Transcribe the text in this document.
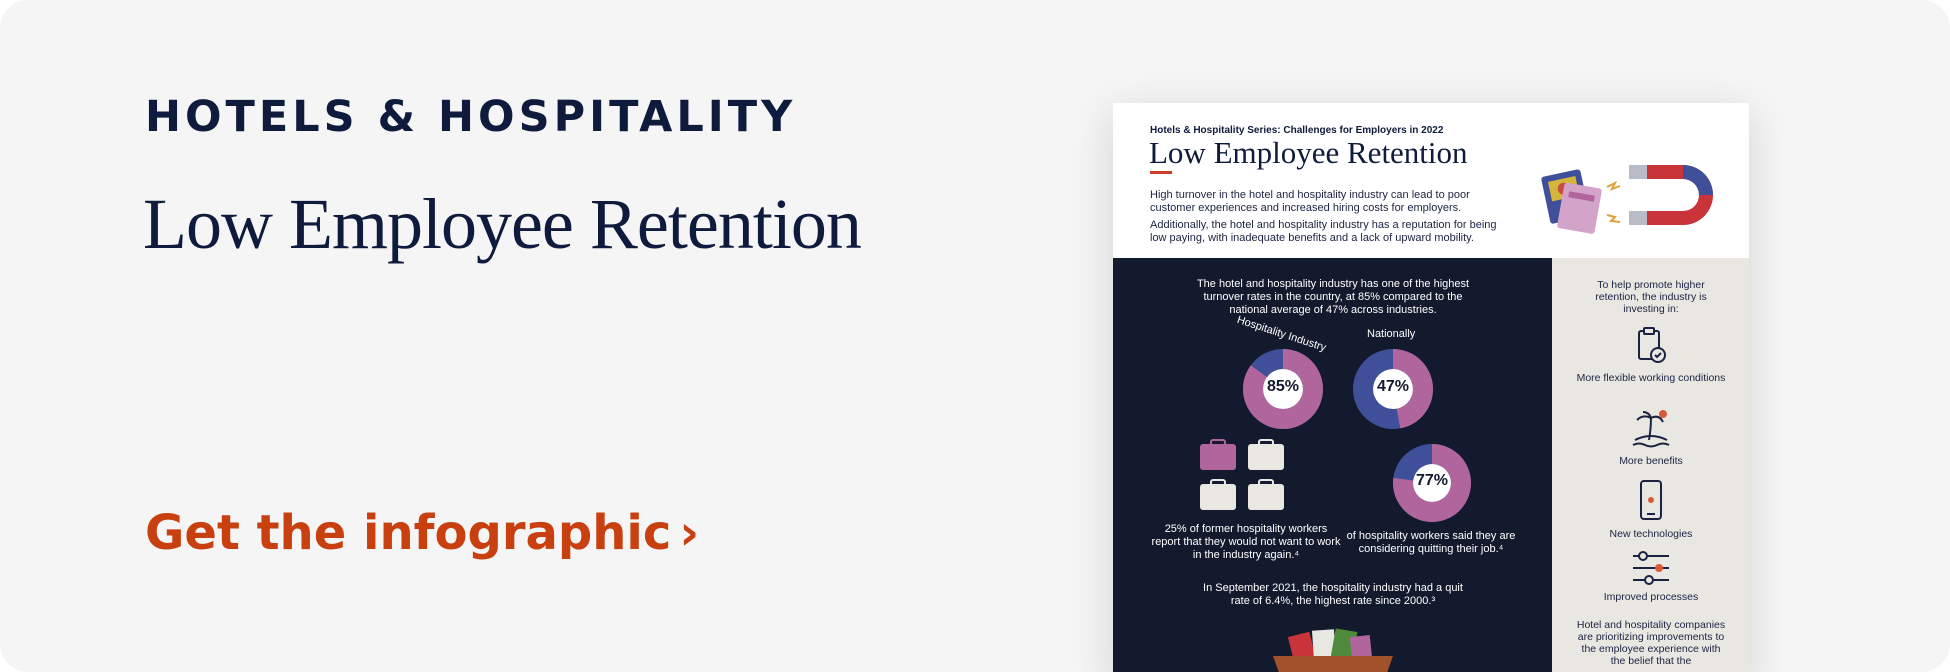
HOTELS & HOSPITALITY
Low Employee Retention
Get the infographic ›
Hotels & Hospitality Series: Challenges for Employers in 2022
Low Employee Retention
High turnover in the hotel and hospitality industry can lead to poor customer experiences and increased hiring costs for employers.
Additionally, the hotel and hospitality industry has a reputation for being low paying, with inadequate benefits and a lack of upward mobility.
The hotel and hospitality industry has one of the highest turnover rates in the country, at 85% compared to the national average of 47% across industries.
Hospitality Industry
85%
Nationally
47%
77%
25% of former hospitality workers report that they would not want to work in the industry again.⁴
of hospitality workers said they are considering quitting their job.⁴
In September 2021, the hospitality industry had a quit rate of 6.4%, the highest rate since 2000.³
To help promote higher retention, the industry is investing in:
More flexible working conditions
More benefits
New technologies
Improved processes
Hotel and hospitality companies are prioritizing improvements to the employee experience with the belief that the
